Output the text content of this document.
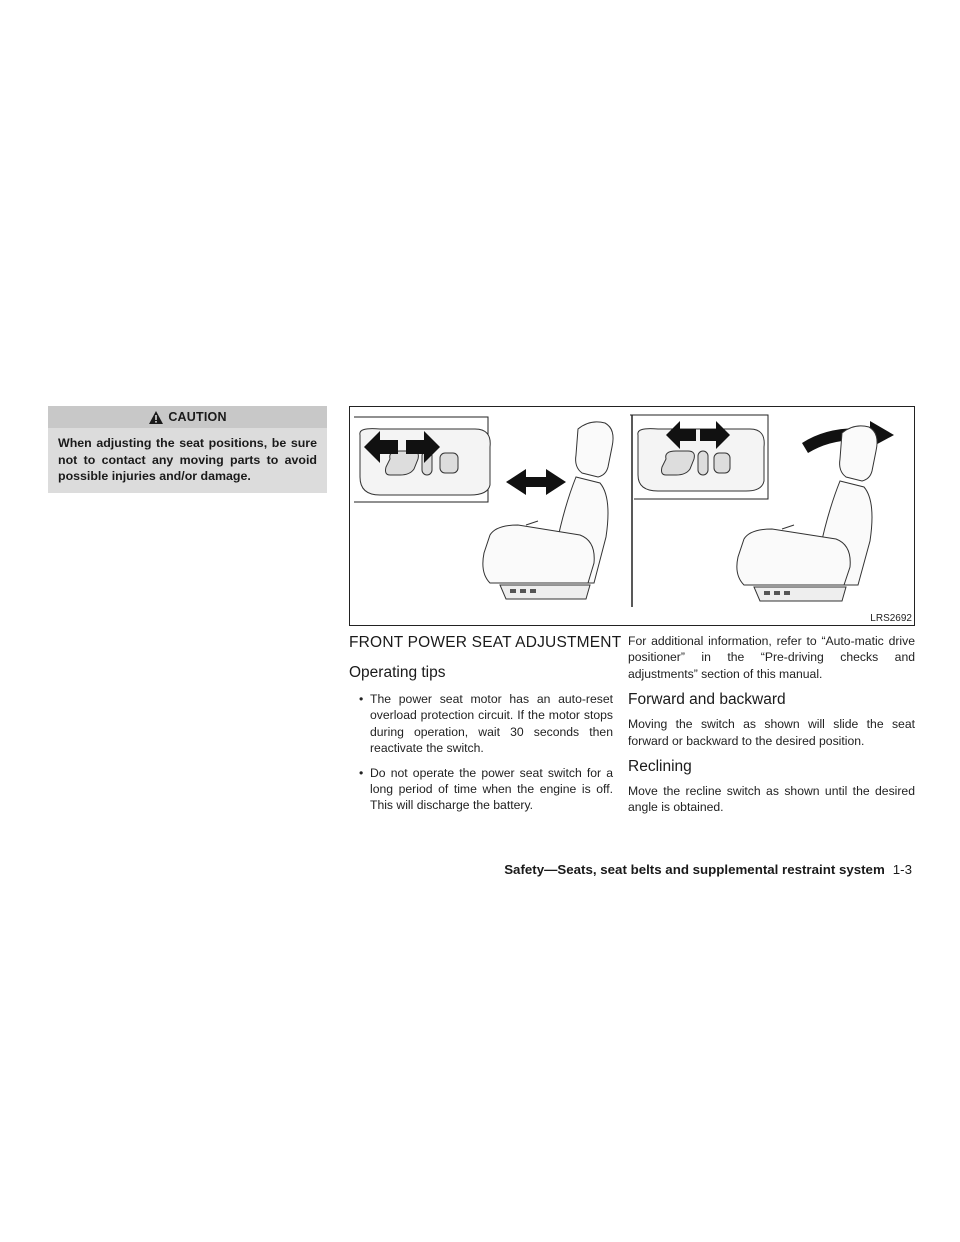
CAUTION
When adjusting the seat positions, be sure not to contact any moving parts to avoid possible injuries and/or damage.
LRS2692
FRONT POWER SEAT ADJUSTMENT
Operating tips
• The power seat motor has an auto-reset overload protection circuit. If the motor stops during operation, wait 30 seconds then reactivate the switch.
• Do not operate the power seat switch for a long period of time when the engine is off. This will discharge the battery.

For additional information, refer to “Auto-matic drive positioner” in the “Pre-driving checks and adjustments” section of this manual.

Forward and backward

Moving the switch as shown will slide the seat forward or backward to the desired position.

Reclining

Move the recline switch as shown until the desired angle is obtained.

Safety—Seats, seat belts and supplemental restraint system 1-3
